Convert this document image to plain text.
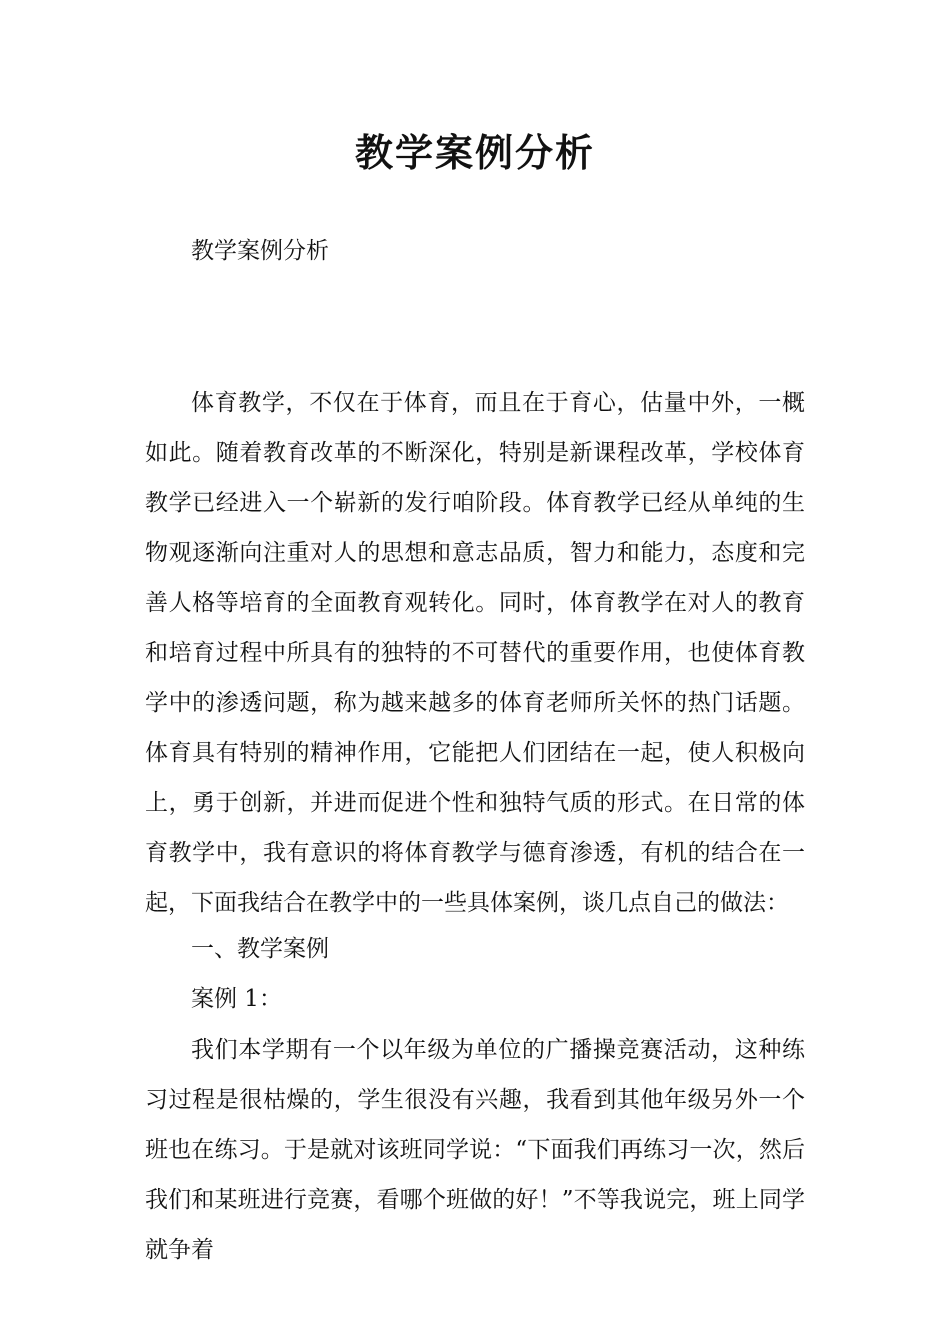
教学案例分析

教学案例分析

体育教学，不仅在于体育，而且在于育心，估量中外，一概如此。随着教育改革的不断深化，特别是新课程改革，学校体育教学已经进入一个崭新的发行咱阶段。体育教学已经从单纯的生物观逐渐向注重对人的思想和意志品质，智力和能力，态度和完善人格等培育的全面教育观转化。同时，体育教学在对人的教育和培育过程中所具有的独特的不可替代的重要作用，也使体育教学中的渗透问题，称为越来越多的体育老师所关怀的热门话题。体育具有特别的精神作用，它能把人们团结在一起，使人积极向上，勇于创新，并进而促进个性和独特气质的形式。在日常的体育教学中，我有意识的将体育教学与德育渗透，有机的结合在一起，下面我结合在教学中的一些具体案例，谈几点自己的做法：

一、教学案例

案例 1：

我们本学期有一个以年级为单位的广播操竞赛活动，这种练习过程是很枯燥的，学生很没有兴趣，我看到其他年级另外一个班也在练习。于是就对该班同学说：“下面我们再练习一次，然后我们和某班进行竞赛，看哪个班做的好！”不等我说完，班上同学就争着
